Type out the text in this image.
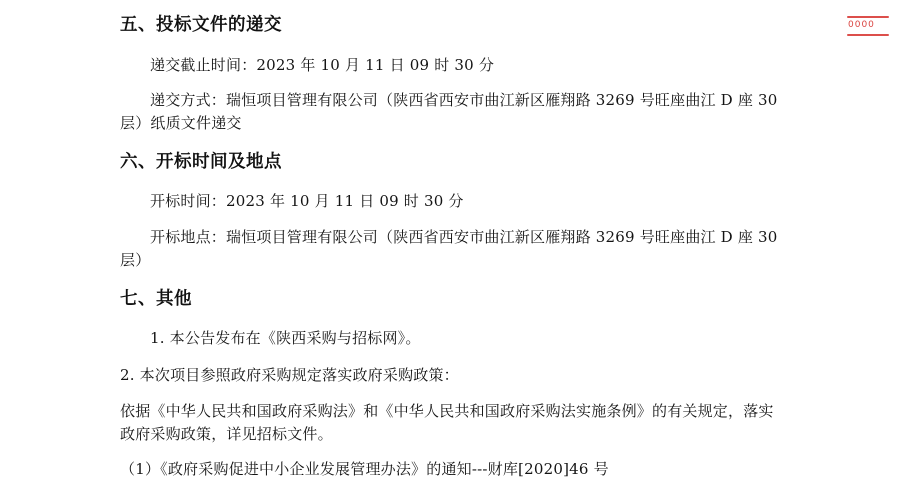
五、投标文件的递交

递交截止时间：2023 年 10 月 11 日 09 时 30 分

递交方式：瑞恒项目管理有限公司（陕西省西安市曲江新区雁翔路 3269 号旺座曲江 D 座 30 层）纸质文件递交

六、开标时间及地点

开标时间：2023 年 10 月 11 日 09 时 30 分

开标地点：瑞恒项目管理有限公司（陕西省西安市曲江新区雁翔路 3269 号旺座曲江 D 座 30 层）

七、其他

1. 本公告发布在《陕西采购与招标网》。

2. 本次项目参照政府采购规定落实政府采购政策：

依据《中华人民共和国政府采购法》和《中华人民共和国政府采购法实施条例》的有关规定，落实政府采购政策，详见招标文件。

（1）《政府采购促进中小企业发展管理办法》的通知---财库[2020]46 号

0000
